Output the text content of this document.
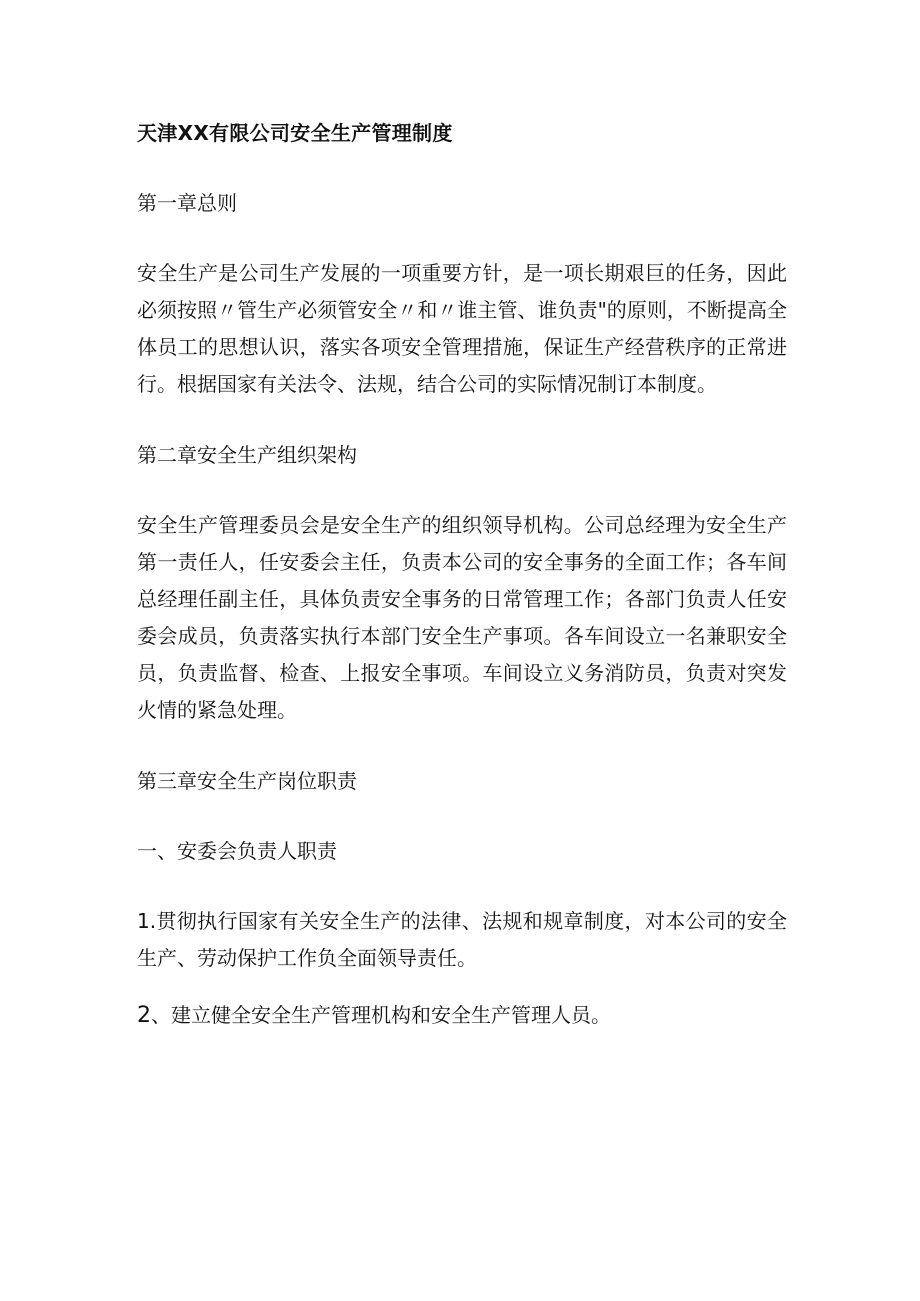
天津XX有限公司安全生产管理制度
第一章总则

安全生产是公司生产发展的一项重要方针，是一项长期艰巨的任务，因此必须按照〃管生产必须管安全〃和〃谁主管、谁负责"的原则，不断提高全体员工的思想认识，落实各项安全管理措施，保证生产经营秩序的正常进行。根据国家有关法令、法规，结合公司的实际情况制订本制度。

第二章安全生产组织架构

安全生产管理委员会是安全生产的组织领导机构。公司总经理为安全生产第一责任人，任安委会主任，负责本公司的安全事务的全面工作；各车间总经理任副主任，具体负责安全事务的日常管理工作；各部门负责人任安委会成员，负责落实执行本部门安全生产事项。各车间设立一名兼职安全员，负责监督、检查、上报安全事项。车间设立义务消防员，负责对突发火情的紧急处理。

第三章安全生产岗位职责
一、安委会负责人职责

1.贯彻执行国家有关安全生产的法律、法规和规章制度，对本公司的安全生产、劳动保护工作负全面领导责任。

2、建立健全安全生产管理机构和安全生产管理人员。
